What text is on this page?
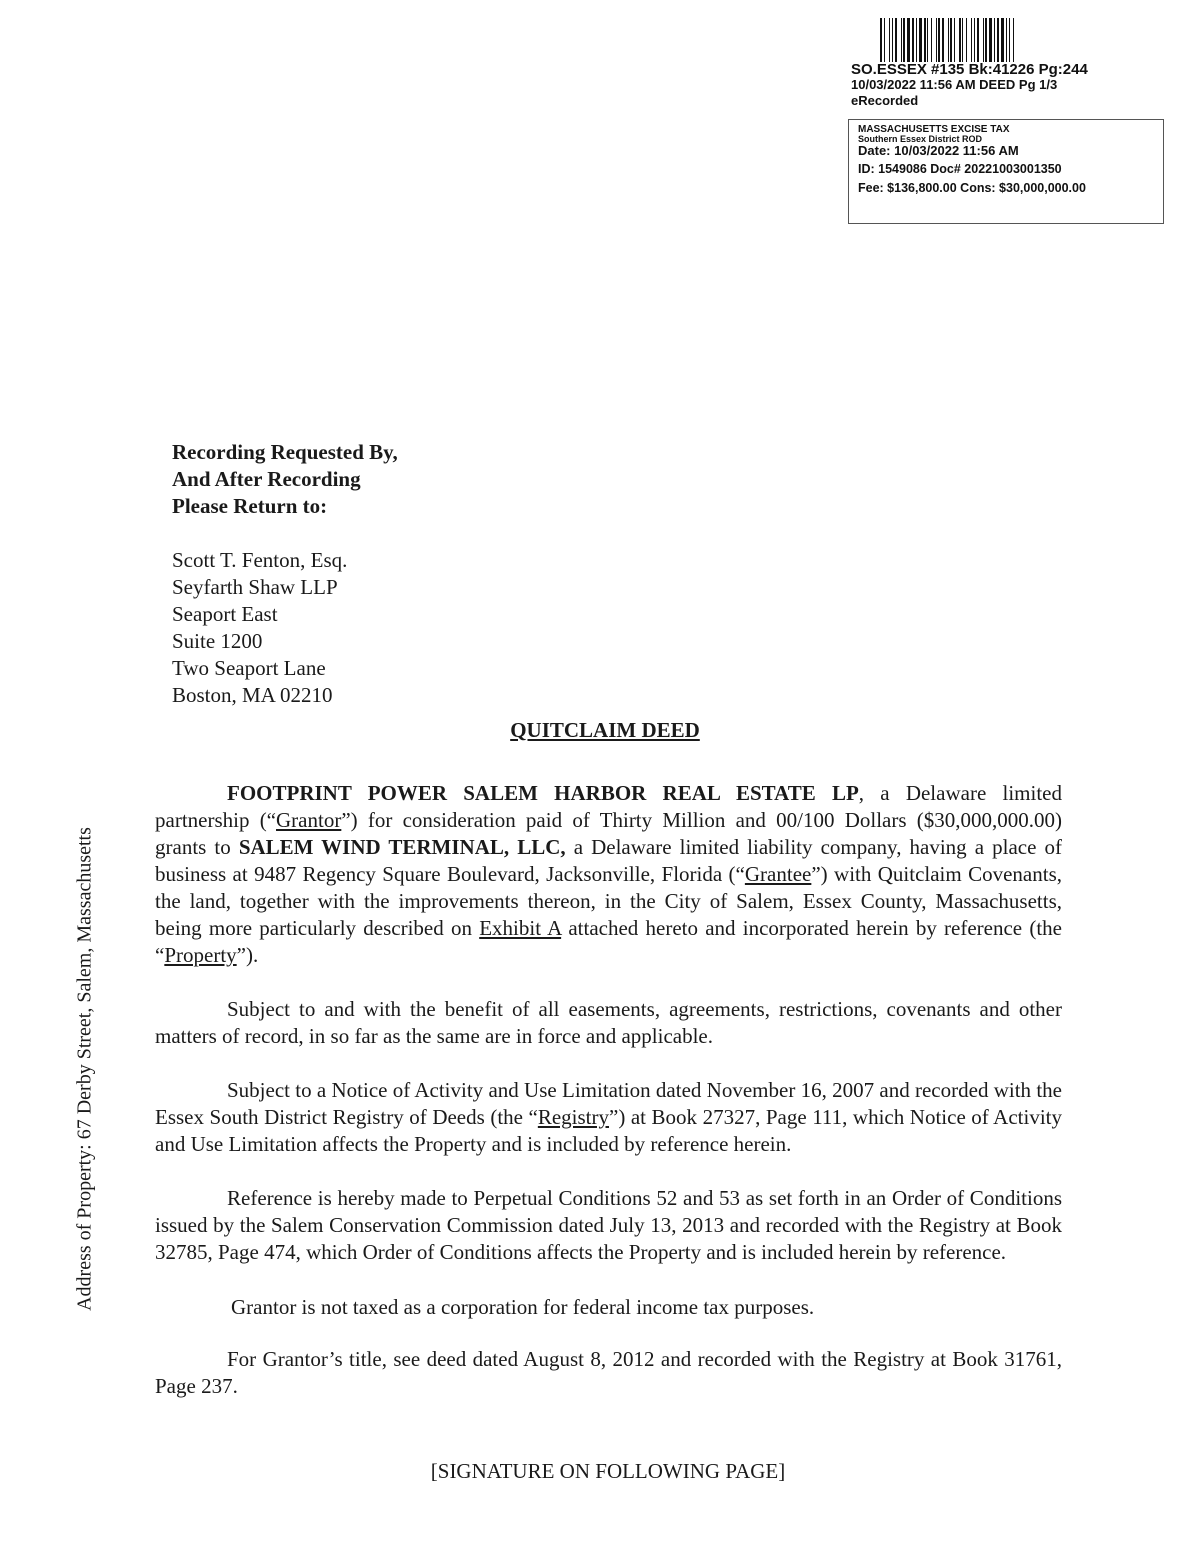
SO.ESSEX #135 Bk:41226 Pg:244
10/03/2022 11:56 AM DEED Pg 1/3
eRecorded
MASSACHUSETTS EXCISE TAX
Southern Essex District ROD
Date: 10/03/2022 11:56 AM
ID: 1549086 Doc# 20221003001350
Fee: $136,800.00 Cons: $30,000,000.00
Recording Requested By,
And After Recording
Please Return to:
Scott T. Fenton, Esq.
Seyfarth Shaw LLP
Seaport East
Suite 1200
Two Seaport Lane
Boston, MA 02210
QUITCLAIM DEED
Address of Property: 67 Derby Street, Salem, Massachusetts

FOOTPRINT POWER SALEM HARBOR REAL ESTATE LP, a Delaware limited partnership (“Grantor”) for consideration paid of Thirty Million and 00/100 Dollars ($30,000,000.00) grants to SALEM WIND TERMINAL, LLC, a Delaware limited liability company, having a place of business at 9487 Regency Square Boulevard, Jacksonville, Florida (“Grantee”) with Quitclaim Covenants, the land, together with the improvements thereon, in the City of Salem, Essex County, Massachusetts, being more particularly described on Exhibit A attached hereto and incorporated herein by reference (the “Property”).

Subject to and with the benefit of all easements, agreements, restrictions, covenants and other matters of record, in so far as the same are in force and applicable.

Subject to a Notice of Activity and Use Limitation dated November 16, 2007 and recorded with the Essex South District Registry of Deeds (the “Registry”) at Book 27327, Page 111, which Notice of Activity and Use Limitation affects the Property and is included by reference herein.

Reference is hereby made to Perpetual Conditions 52 and 53 as set forth in an Order of Conditions issued by the Salem Conservation Commission dated July 13, 2013 and recorded with the Registry at Book 32785, Page 474, which Order of Conditions affects the Property and is included herein by reference.

Grantor is not taxed as a corporation for federal income tax purposes.

For Grantor’s title, see deed dated August 8, 2012 and recorded with the Registry at Book 31761, Page 237.

[SIGNATURE ON FOLLOWING PAGE]
